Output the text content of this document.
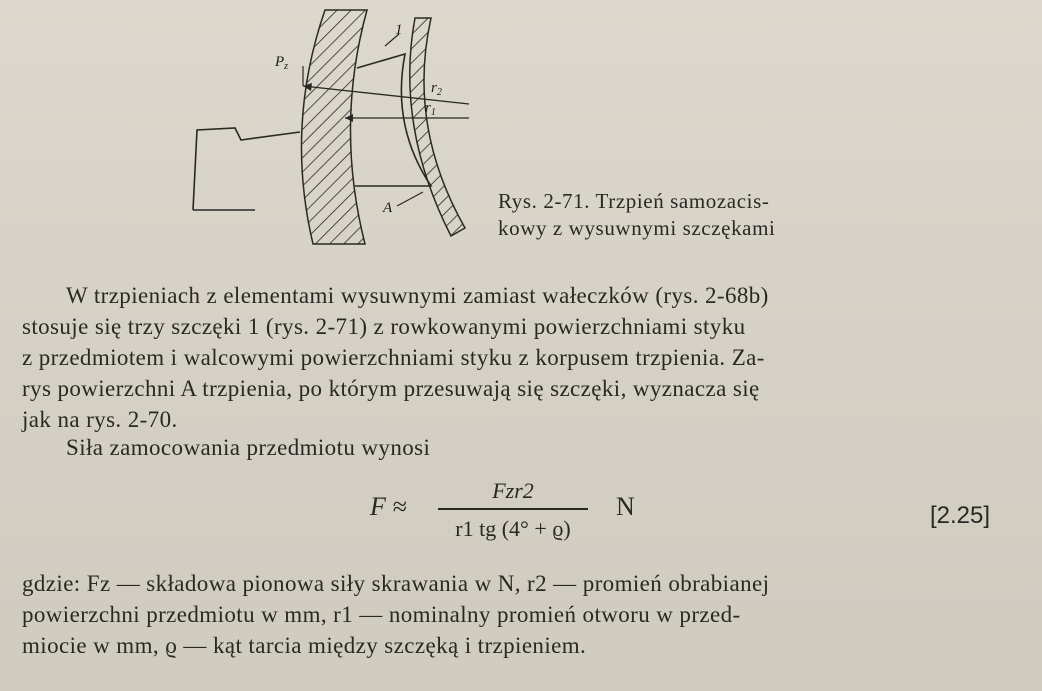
$P_z$
1
$r_2$
$r_1$
A	Rys. 2-71. Trzpień samozacis-
kowy z wysuwnymi szczękami
W trzpieniach z elementami wysuwnymi zamiast wałeczków (rys. 2-68b)
stosuje się trzy szczęki 1 (rys. 2-71) z rowkowanymi powierzchniami styku
z przedmiotem i walcowymi powierzchniami styku z korpusem trzpienia. Za-
rys powierzchni A trzpienia, po którym przesuwają się szczęki, wyznacza się
jak na rys. 2-70.
Siła zamocowania przedmiotu wynosi
F ≈
Fzr2
r1 tg (4° + ϱ)
N	[2.25]
gdzie: Fz — składowa pionowa siły skrawania w N, r2 — promień obrabianej
powierzchni przedmiotu w mm, r1 — nominalny promień otworu w przed-
miocie w mm, ϱ — kąt tarcia między szczęką i trzpieniem.
